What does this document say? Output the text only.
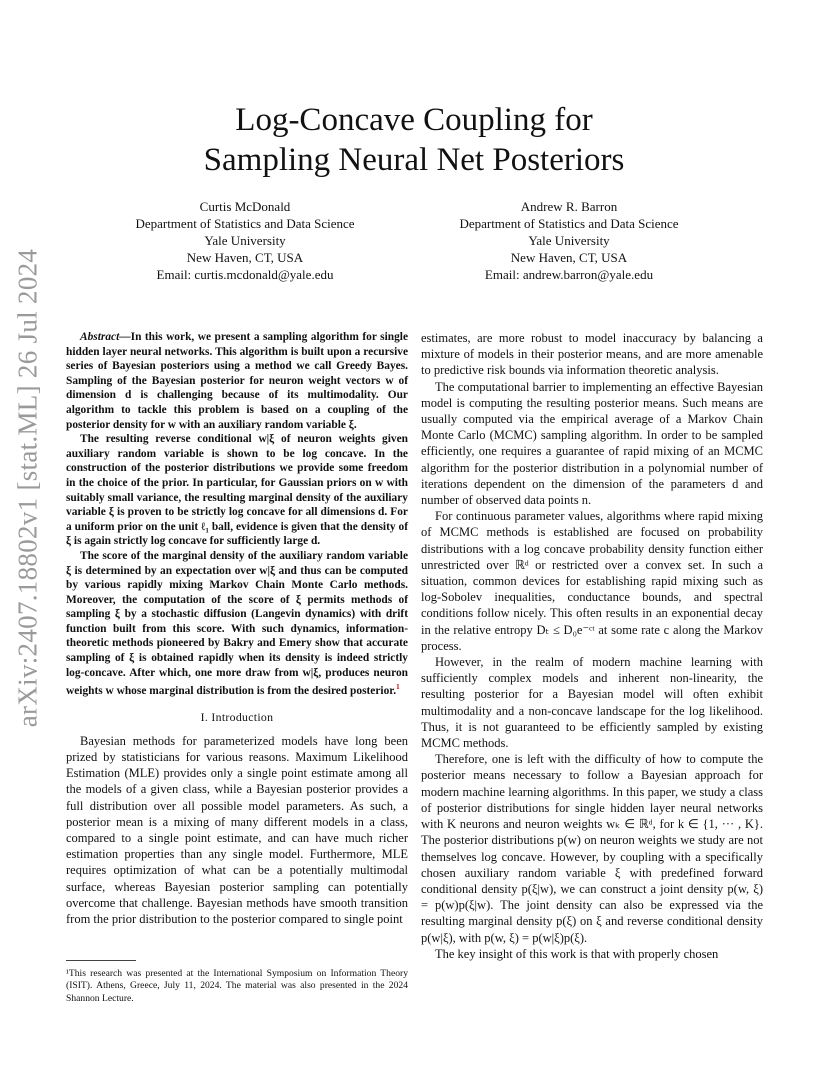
arXiv:2407.18802v1 [stat.ML] 26 Jul 2024
Log-Concave Coupling for
Sampling Neural Net Posteriors
Curtis McDonald
Department of Statistics and Data Science
Yale University
New Haven, CT, USA
Email: curtis.mcdonald@yale.edu
Andrew R. Barron
Department of Statistics and Data Science
Yale University
New Haven, CT, USA
Email: andrew.barron@yale.edu

Abstract—In this work, we present a sampling algorithm for single hidden layer neural networks. This algorithm is built upon a recursive series of Bayesian posteriors using a method we call Greedy Bayes. Sampling of the Bayesian posterior for neuron weight vectors w of dimension d is challenging because of its multimodality. Our algorithm to tackle this problem is based on a coupling of the posterior density for w with an auxiliary random variable ξ.

The resulting reverse conditional w|ξ of neuron weights given auxiliary random variable is shown to be log concave. In the construction of the posterior distributions we provide some freedom in the choice of the prior. In particular, for Gaussian priors on w with suitably small variance, the resulting marginal density of the auxiliary variable ξ is proven to be strictly log concave for all dimensions d. For a uniform prior on the unit ℓ₁ ball, evidence is given that the density of ξ is again strictly log concave for sufficiently large d.

The score of the marginal density of the auxiliary random variable ξ is determined by an expectation over w|ξ and thus can be computed by various rapidly mixing Markov Chain Monte Carlo methods. Moreover, the computation of the score of ξ permits methods of sampling ξ by a stochastic diffusion (Langevin dynamics) with drift function built from this score. With such dynamics, information-theoretic methods pioneered by Bakry and Emery show that accurate sampling of ξ is obtained rapidly when its density is indeed strictly log-concave. After which, one more draw from w|ξ, produces neuron weights w whose marginal distribution is from the desired posterior.$^1$

I. Introduction

Bayesian methods for parameterized models have long been prized by statisticians for various reasons. Maximum Likelihood Estimation (MLE) provides only a single point estimate among all the models of a given class, while a Bayesian posterior provides a full distribution over all possible model parameters. As such, a posterior mean is a mixing of many different models in a class, compared to a single point estimate, and can have much richer estimation properties than any single model. Furthermore, MLE requires optimization of what can be a potentially multimodal surface, whereas Bayesian posterior sampling can potentially overcome that challenge. Bayesian methods have smooth transition from the prior distribution to the posterior compared to single point

¹This research was presented at the International Symposium on Information Theory (ISIT). Athens, Greece, July 11, 2024. The material was also presented in the 2024 Shannon Lecture.

estimates, are more robust to model inaccuracy by balancing a mixture of models in their posterior means, and are more amenable to predictive risk bounds via information theoretic analysis.

The computational barrier to implementing an effective Bayesian model is computing the resulting posterior means. Such means are usually computed via the empirical average of a Markov Chain Monte Carlo (MCMC) sampling algorithm. In order to be sampled efficiently, one requires a guarantee of rapid mixing of an MCMC algorithm for the posterior distribution in a polynomial number of iterations dependent on the dimension of the parameters d and number of observed data points n.

For continuous parameter values, algorithms where rapid mixing of MCMC methods is established are focused on probability distributions with a log concave probability density function either unrestricted over ℝᵈ or restricted over a convex set. In such a situation, common devices for establishing rapid mixing such as log-Sobolev inequalities, conductance bounds, and spectral conditions follow nicely. This often results in an exponential decay in the relative entropy Dₜ ≤ D₀e⁻ᶜᵗ at some rate c along the Markov process.

However, in the realm of modern machine learning with sufficiently complex models and inherent non-linearity, the resulting posterior for a Bayesian model will often exhibit multimodality and a non-concave landscape for the log likelihood. Thus, it is not guaranteed to be efficiently sampled by existing MCMC methods.

Therefore, one is left with the difficulty of how to compute the posterior means necessary to follow a Bayesian approach for modern machine learning algorithms. In this paper, we study a class of posterior distributions for single hidden layer neural networks with K neurons and neuron weights wₖ ∈ ℝᵈ, for k ∈ {1, ··· , K}. The posterior distributions p(w) on neuron weights we study are not themselves log concave. However, by coupling with a specifically chosen auxiliary random variable ξ with predefined forward conditional density p(ξ|w), we can construct a joint density p(w, ξ) = p(w)p(ξ|w). The joint density can also be expressed via the resulting marginal density p(ξ) on ξ and reverse conditional density p(w|ξ), with p(w, ξ) = p(w|ξ)p(ξ).

The key insight of this work is that with properly chosen
